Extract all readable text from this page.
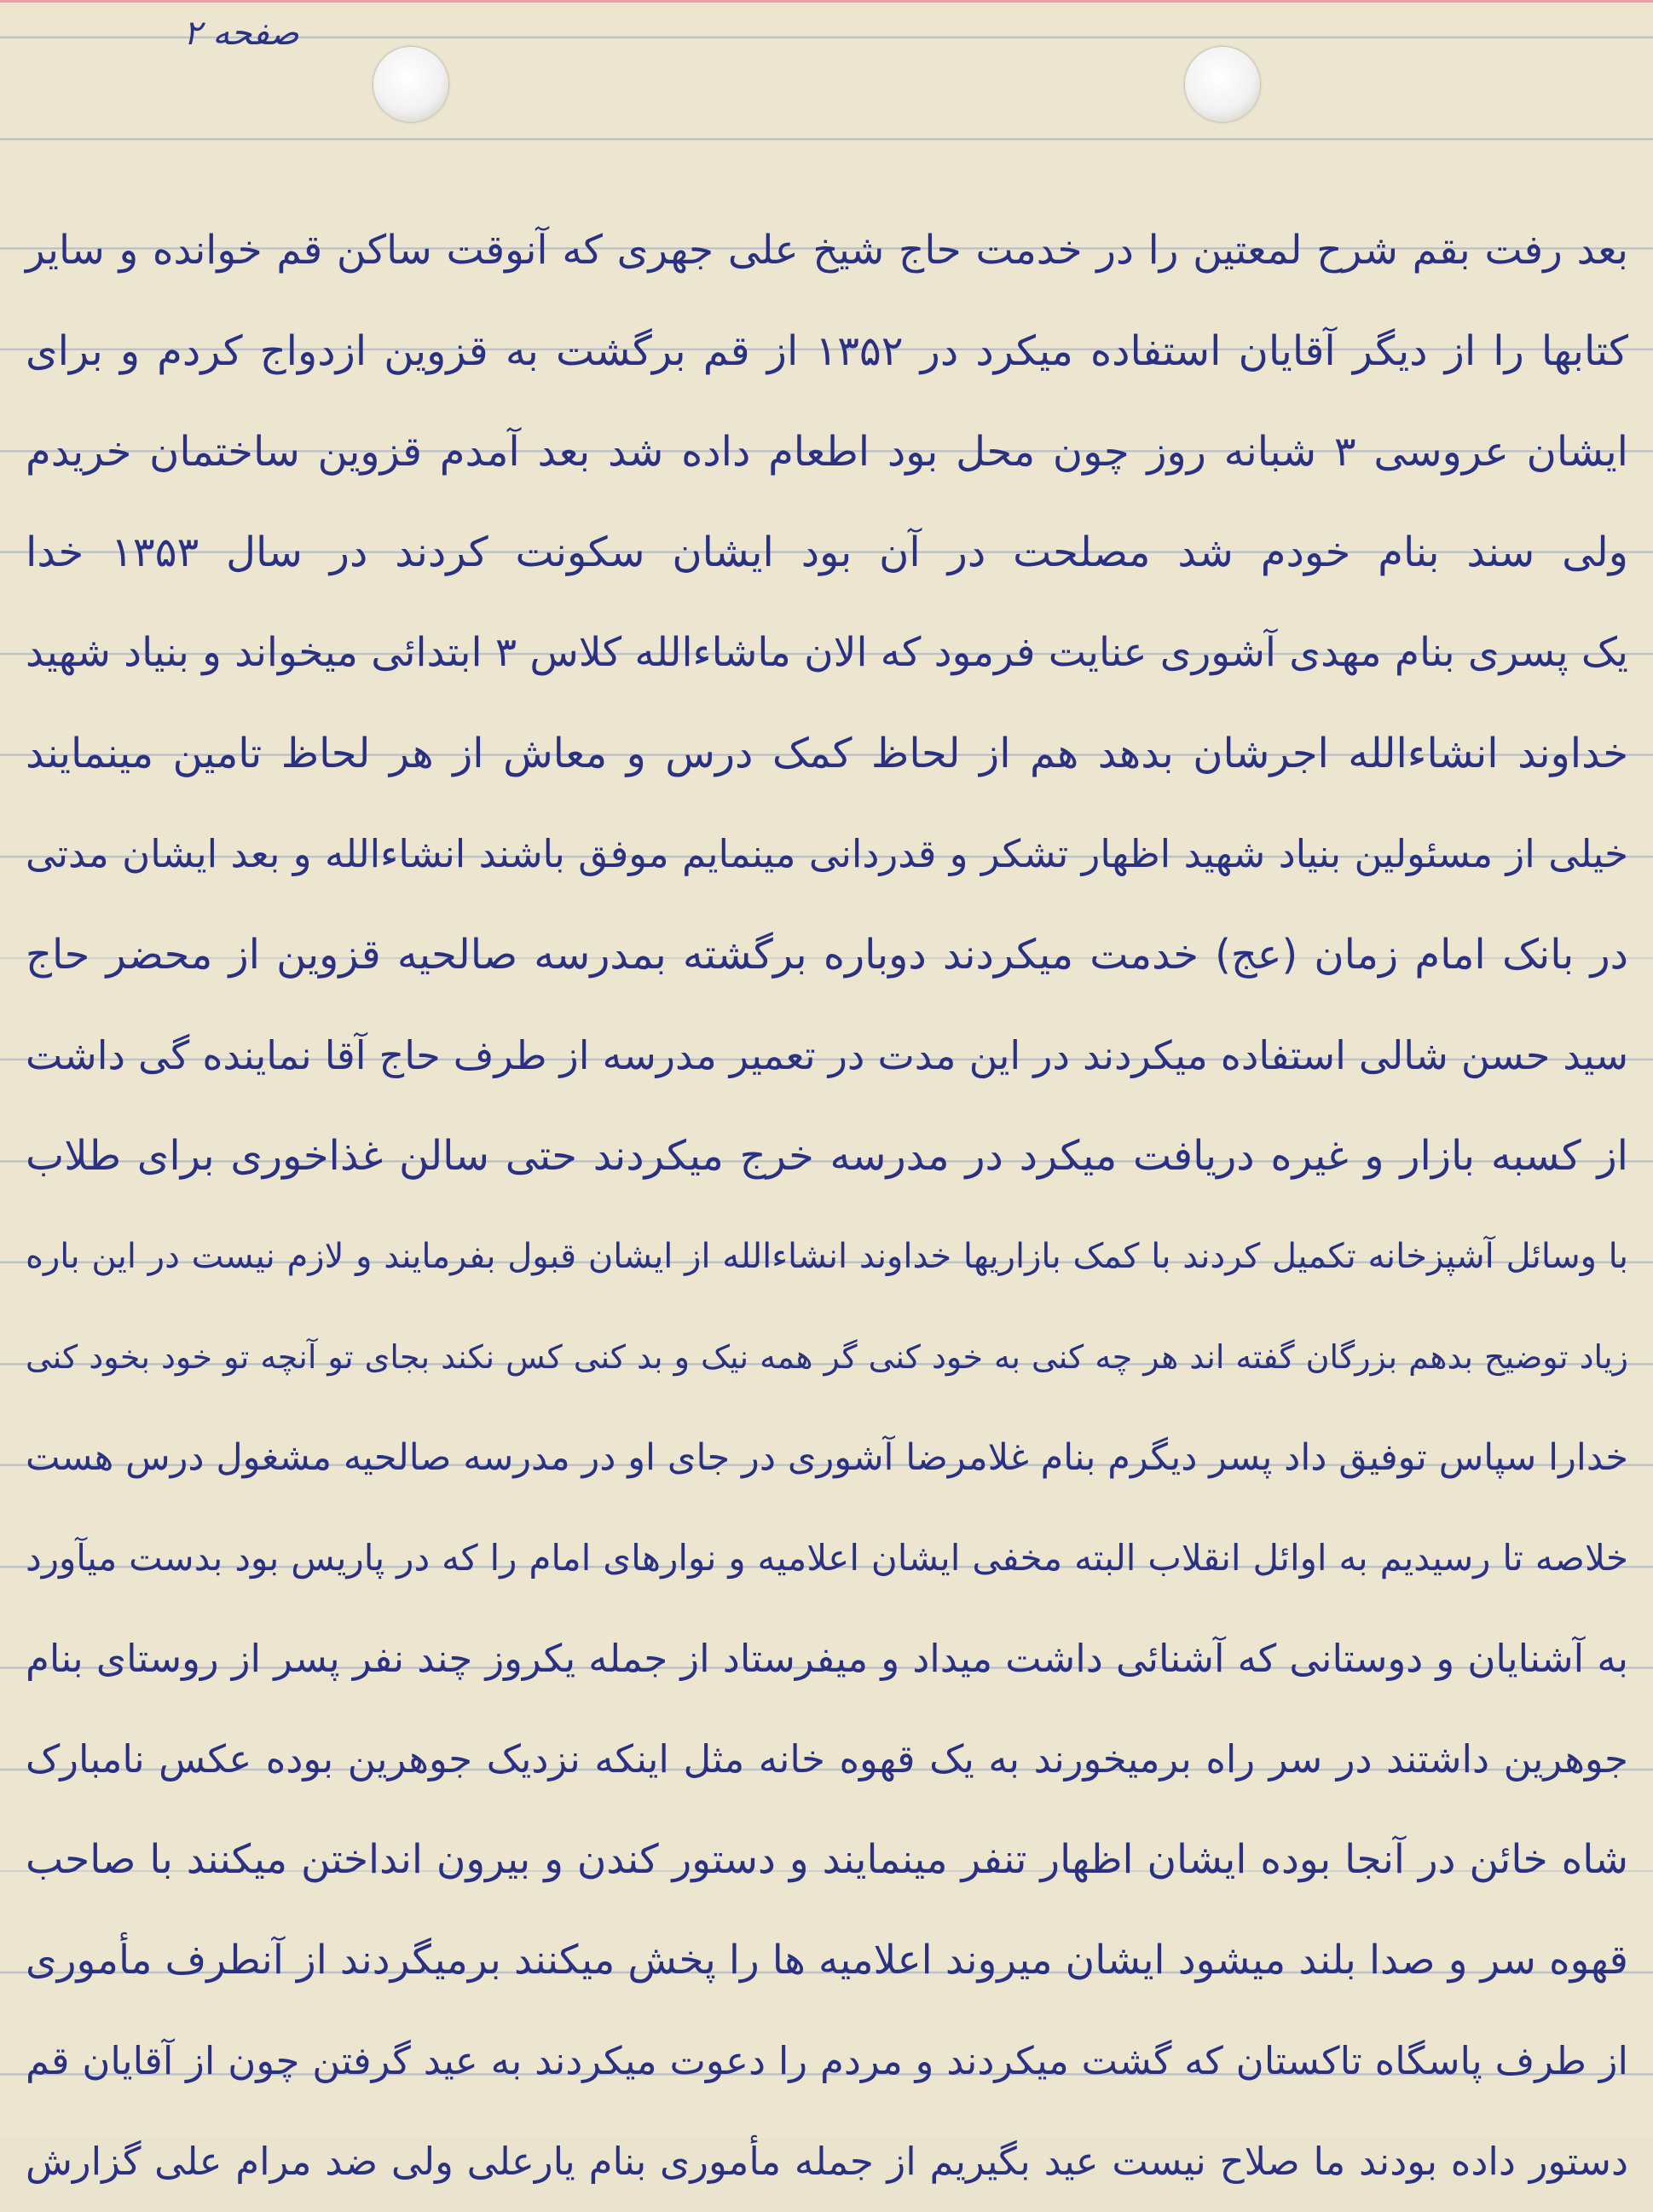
صفحه ۲
بعد رفت بقم شرح لمعتین را در خدمت حاج شیخ علی جهری که آنوقت ساکن قم خوانده و سایر
کتابها را از دیگر آقایان استفاده میکرد در ۱۳۵۲ از قم برگشت به قزوین ازدواج کردم و برای
ایشان عروسی ۳ شبانه روز چون محل بود اطعام داده شد بعد آمدم قزوین ساختمان خریدم
ولی سند بنام خودم شد مصلحت در آن بود ایشان سکونت کردند در سال ۱۳۵۳ خدا
یک پسری بنام مهدی آشوری عنایت فرمود که الان ماشاءالله کلاس ۳ ابتدائی میخواند و بنیاد شهید
خداوند انشاءالله اجرشان بدهد هم از لحاظ کمک درس و معاش از هر لحاظ تامین مینمایند
خیلی از مسئولین بنیاد شهید اظهار تشکر و قدردانی مینمایم موفق باشند انشاءالله و بعد ایشان مدتی
در بانک امام زمان (عج) خدمت میکردند دوباره برگشته بمدرسه صالحیه قزوین از محضر حاج
سید حسن شالی استفاده میکردند در این مدت در تعمیر مدرسه از طرف حاج آقا نماینده گی داشت
از کسبه بازار و غیره دریافت میکرد در مدرسه خرج میکردند حتی سالن غذاخوری برای طلاب
با وسائل آشپزخانه تکمیل کردند با کمک بازاریها خداوند انشاءالله از ایشان قبول بفرمایند و لازم نیست در این باره
زیاد توضیح بدهم بزرگان گفته اند هر چه کنی به خود کنی گر همه نیک و بد کنی کس نکند بجای تو آنچه تو خود بخود کنی
خدارا سپاس توفیق داد پسر دیگرم بنام غلامرضا آشوری در جای او در مدرسه صالحیه مشغول درس هست
خلاصه تا رسیدیم به اوائل انقلاب البته مخفی ایشان اعلامیه و نوارهای امام را که در پاریس بود بدست میآورد
به آشنایان و دوستانی که آشنائی داشت میداد و میفرستاد از جمله یکروز چند نفر پسر از روستای بنام
جوهرین داشتند در سر راه برمیخورند به یک قهوه خانه مثل اینکه نزدیک جوهرین بوده عکس نامبارک
شاه خائن در آنجا بوده ایشان اظهار تنفر مینمایند و دستور کندن و بیرون انداختن میکنند با صاحب
قهوه سر و صدا بلند میشود ایشان میروند اعلامیه ها را پخش میکنند برمیگردند از آنطرف مأموری
از طرف پاسگاه تاکستان که گشت میکردند و مردم را دعوت میکردند به عید گرفتن چون از آقایان قم
دستور داده بودند ما صلاح نیست عید بگیریم از جمله مأموری بنام یارعلی ولی ضد مرام علی گزارش
